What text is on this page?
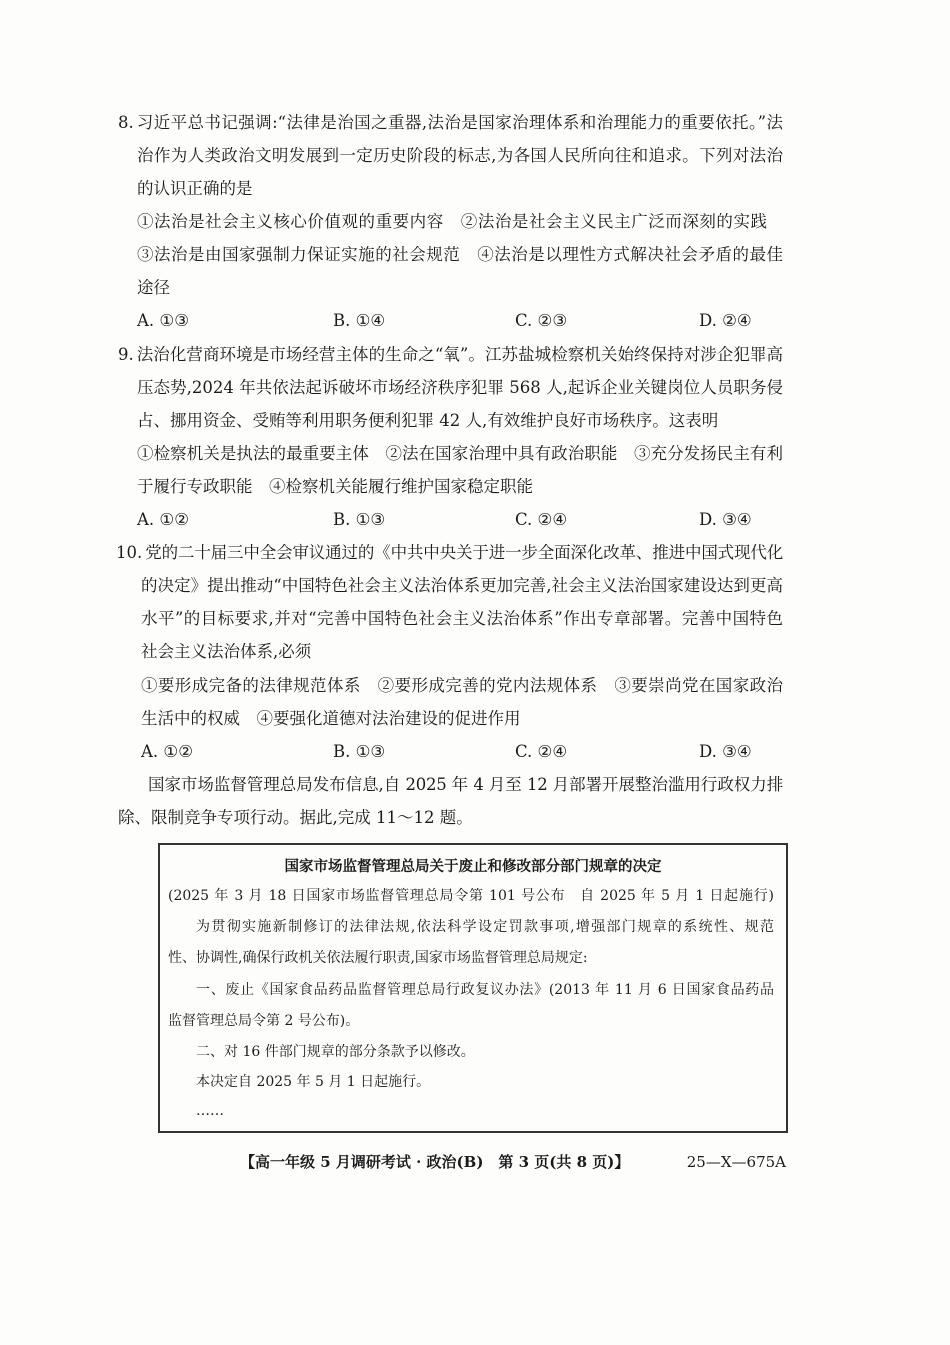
8. 习近平总书记强调:“法律是治国之重器,法治是国家治理体系和治理能力的重要依托。”法
治作为人类政治文明发展到一定历史阶段的标志,为各国人民所向往和追求。下列对法治
的认识正确的是
①法治是社会主义核心价值观的重要内容　②法治是社会主义民主广泛而深刻的实践
③法治是由国家强制力保证实施的社会规范　④法治是以理性方式解决社会矛盾的最佳
途径
A. ①③	B. ①④	C. ②③	D. ②④
9. 法治化营商环境是市场经营主体的生命之“氧”。江苏盐城检察机关始终保持对涉企犯罪高
压态势,2024 年共依法起诉破坏市场经济秩序犯罪 568 人,起诉企业关键岗位人员职务侵
占、挪用资金、受贿等利用职务便利犯罪 42 人,有效维护良好市场秩序。这表明
①检察机关是执法的最重要主体　②法在国家治理中具有政治职能　③充分发扬民主有利
于履行专政职能　④检察机关能履行维护国家稳定职能
A. ①②	B. ①③	C. ②④	D. ③④
10. 党的二十届三中全会审议通过的《中共中央关于进一步全面深化改革、推进中国式现代化
的决定》提出推动“中国特色社会主义法治体系更加完善,社会主义法治国家建设达到更高
水平”的目标要求,并对“完善中国特色社会主义法治体系”作出专章部署。完善中国特色
社会主义法治体系,必须
①要形成完备的法律规范体系　②要形成完善的党内法规体系　③要崇尚党在国家政治
生活中的权威　④要强化道德对法治建设的促进作用
A. ①②	B. ①③	C. ②④	D. ③④
国家市场监督管理总局发布信息,自 2025 年 4 月至 12 月部署开展整治滥用行政权力排
除、限制竞争专项行动。据此,完成 11～12 题。
国家市场监督管理总局关于废止和修改部分部门规章的决定
(2025 年 3 月 18 日国家市场监督管理总局令第 101 号公布　自 2025 年 5 月 1 日起施行)
为贯彻实施新制修订的法律法规,依法科学设定罚款事项,增强部门规章的系统性、规范
性、协调性,确保行政机关依法履行职责,国家市场监督管理总局规定:
一、废止《国家食品药品监督管理总局行政复议办法》(2013 年 11 月 6 日国家食品药品
监督管理总局令第 2 号公布)。
二、对 16 件部门规章的部分条款予以修改。
本决定自 2025 年 5 月 1 日起施行。
……
【高一年级 5 月调研考试 · 政治(B)　第 3 页(共 8 页)】	25—X—675A
